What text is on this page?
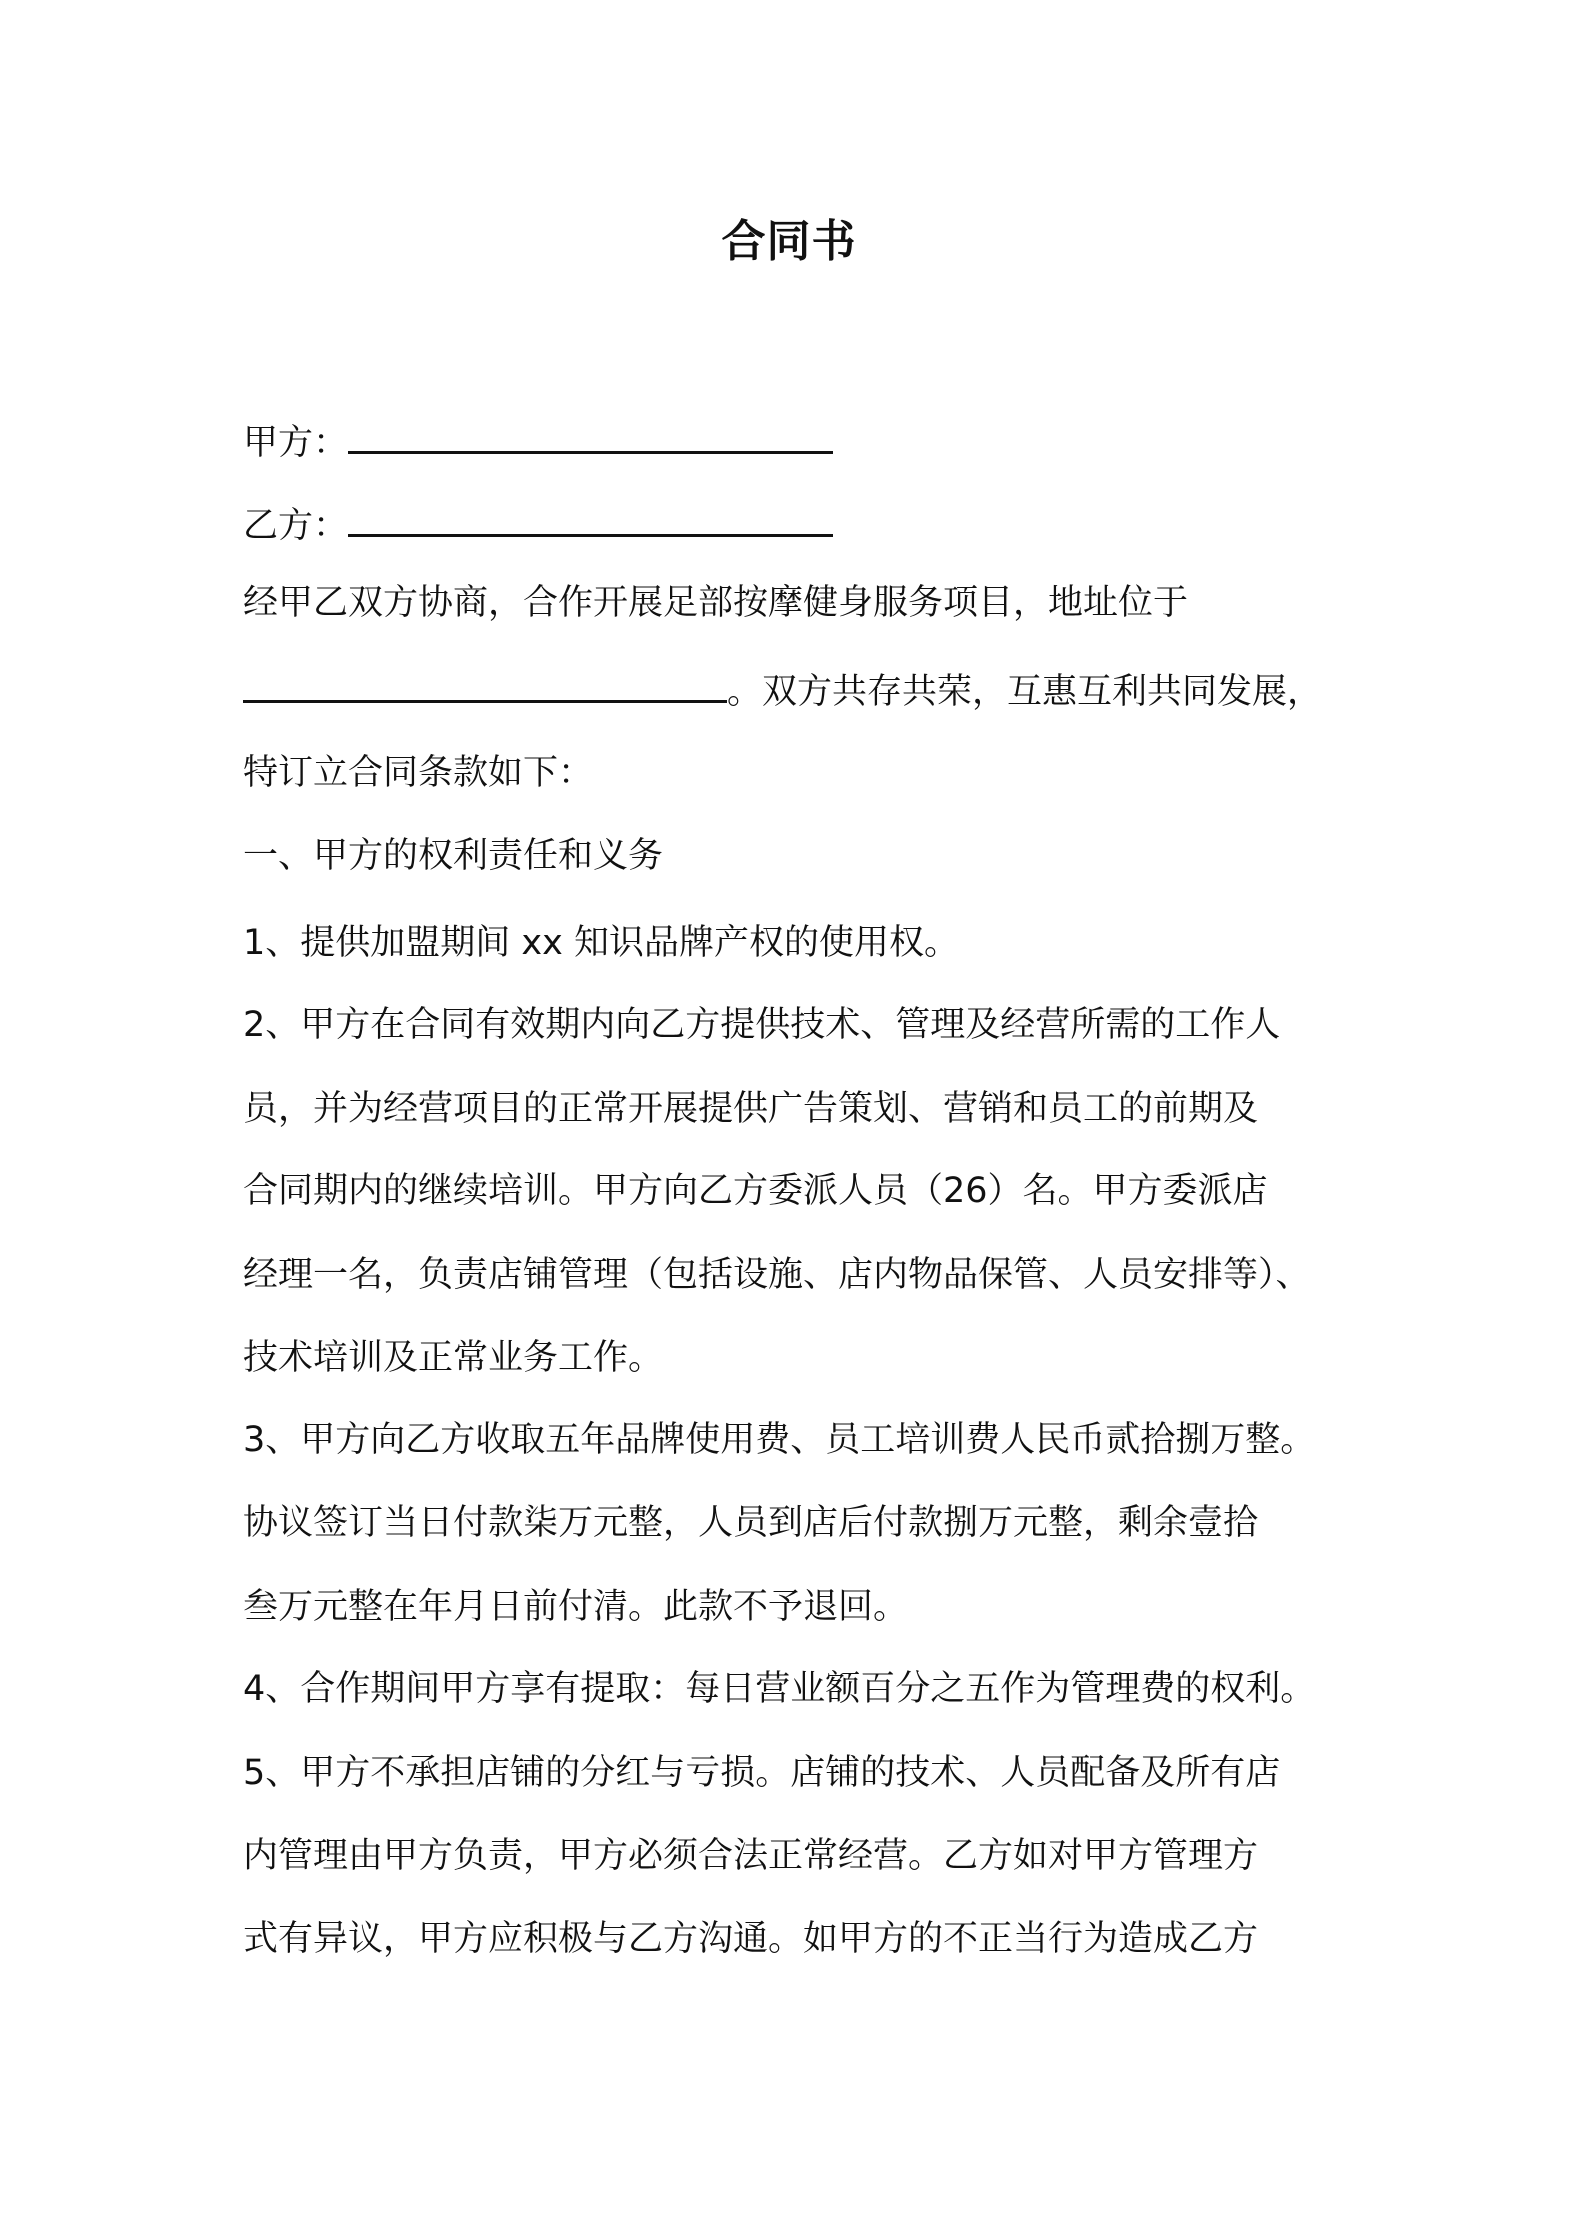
合同书
甲方：
乙方：
经甲乙双方协商，合作开展足部按摩健身服务项目，地址位于
。双方共存共荣，互惠互利共同发展，
特订立合同条款如下：
一、甲方的权利责任和义务
1、提供加盟期间 xx 知识品牌产权的使用权。
2、甲方在合同有效期内向乙方提供技术、管理及经营所需的工作人
员，并为经营项目的正常开展提供广告策划、营销和员工的前期及
合同期内的继续培训。甲方向乙方委派人员（26）名。甲方委派店
经理一名，负责店铺管理（包括设施、店内物品保管、人员安排等）、
技术培训及正常业务工作。
3、甲方向乙方收取五年品牌使用费、员工培训费人民币贰拾捌万整。
协议签订当日付款柒万元整，人员到店后付款捌万元整，剩余壹拾
叁万元整在年月日前付清。此款不予退回。
4、合作期间甲方享有提取：每日营业额百分之五作为管理费的权利。
5、甲方不承担店铺的分红与亏损。店铺的技术、人员配备及所有店
内管理由甲方负责，甲方必须合法正常经营。乙方如对甲方管理方
式有异议，甲方应积极与乙方沟通。如甲方的不正当行为造成乙方
